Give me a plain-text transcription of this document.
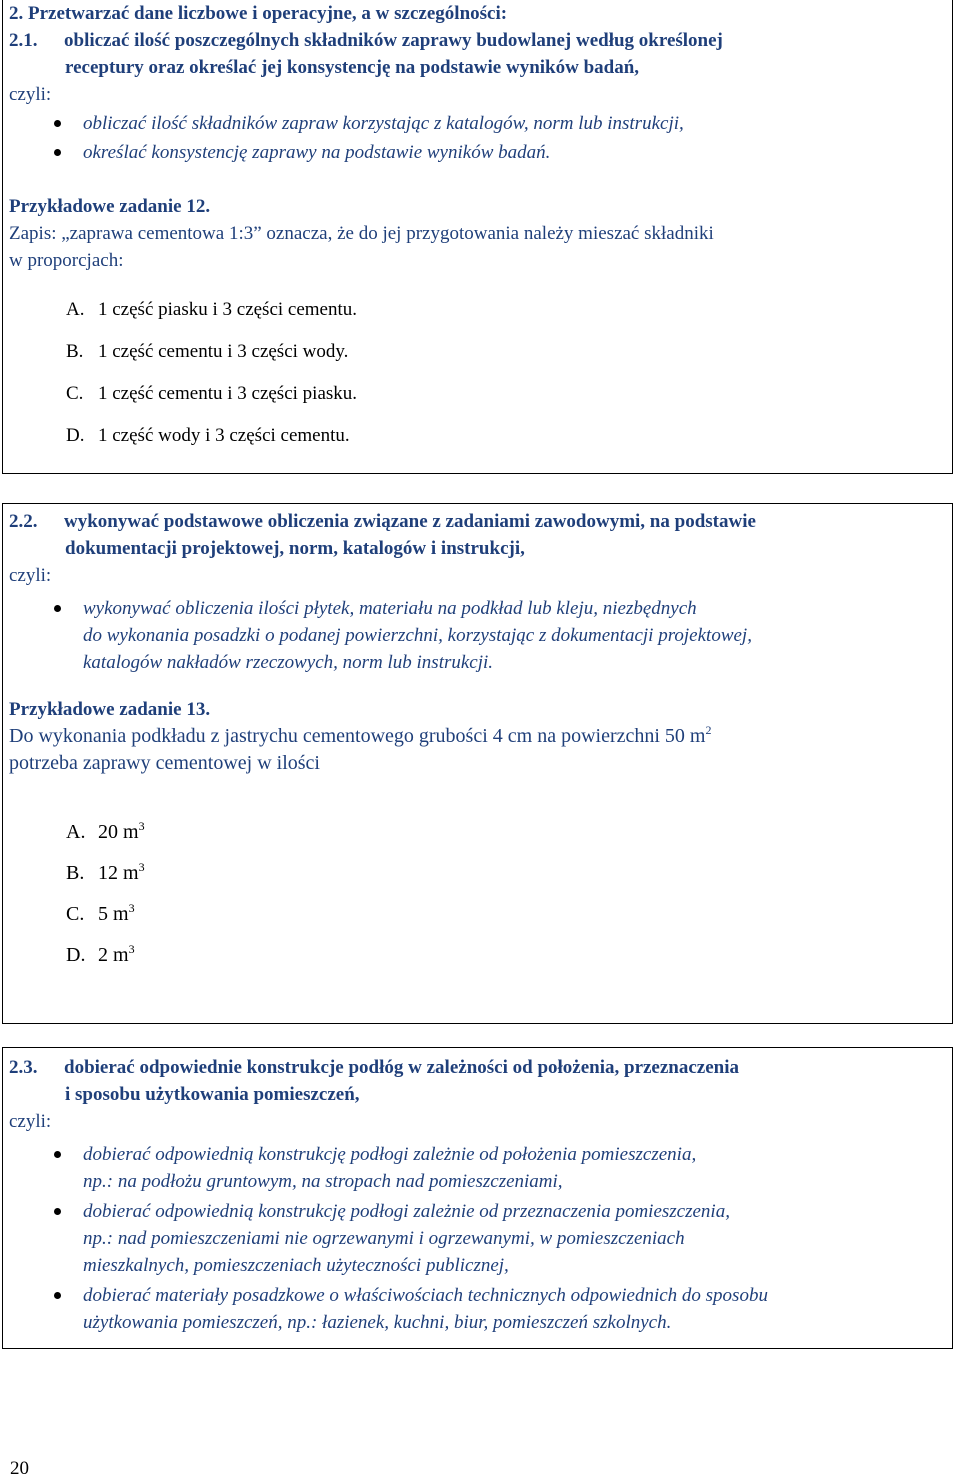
2. Przetwarzać dane liczbowe i operacyjne, a w szczególności:
2.1. obliczać ilość poszczególnych składników zaprawy budowlanej według określonej
receptury oraz określać jej konsystencję na podstawie wyników badań,
czyli:
obliczać ilość składników zapraw korzystając z katalogów, norm lub instrukcji,
określać konsystencję zaprawy na podstawie wyników badań.
Przykładowe zadanie 12.
Zapis: „zaprawa cementowa 1:3” oznacza, że do jej przygotowania należy mieszać składniki
w proporcjach:
A. 1 część piasku i 3 części cementu.
B. 1 część cementu i 3 części wody.
C. 1 część cementu i 3 części piasku.
D. 1 część wody i 3 części cementu.
2.2. wykonywać podstawowe obliczenia związane z zadaniami zawodowymi, na podstawie
dokumentacji projektowej, norm, katalogów i instrukcji,
czyli:
wykonywać obliczenia ilości płytek, materiału na podkład lub kleju, niezbędnych
do wykonania posadzki o podanej powierzchni, korzystając z dokumentacji projektowej,
katalogów nakładów rzeczowych, norm lub instrukcji.
Przykładowe zadanie 13.
Do wykonania podkładu z jastrychu cementowego grubości 4 cm na powierzchni 50 $m^2$
potrzeba zaprawy cementowej w ilości
A. 20 $m^3$
B. 12 $m^3$
C. 5 $m^3$
D. 2 $m^3$
2.3. dobierać odpowiednie konstrukcje podłóg w zależności od położenia, przeznaczenia
i sposobu użytkowania pomieszczeń,
czyli:
dobierać odpowiednią konstrukcję podłogi zależnie od położenia pomieszczenia,
np.: na podłożu gruntowym, na stropach nad pomieszczeniami,
dobierać odpowiednią konstrukcję podłogi zależnie od przeznaczenia pomieszczenia,
np.: nad pomieszczeniami nie ogrzewanymi i ogrzewanymi, w pomieszczeniach
mieszkalnych, pomieszczeniach użyteczności publicznej,
dobierać materiały posadzkowe o właściwościach technicznych odpowiednich do sposobu
użytkowania pomieszczeń, np.: łazienek, kuchni, biur, pomieszczeń szkolnych.
20
